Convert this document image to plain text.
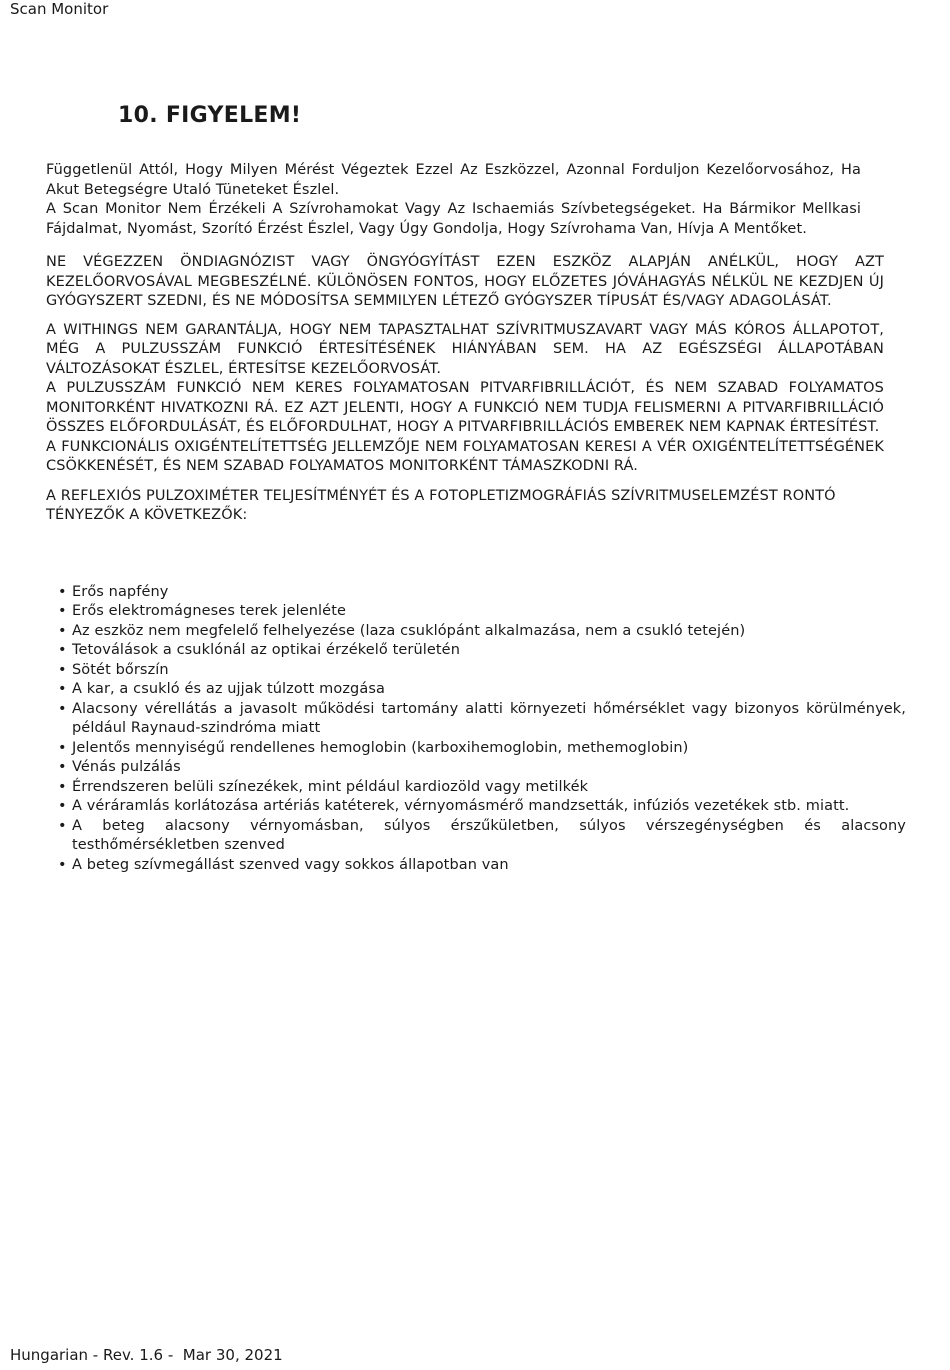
Scan Monitor
10. FIGYELEM!

Függetlenül Attól, Hogy Milyen Mérést Végeztek Ezzel Az Eszközzel, Azonnal Forduljon Kezelőorvosához, Ha Akut Betegségre Utaló Tüneteket Észlel.

A Scan Monitor Nem Érzékeli A Szívrohamokat Vagy Az Ischaemiás Szívbetegségeket. Ha Bármikor Mellkasi Fájdalmat, Nyomást, Szorító Érzést Észlel, Vagy Úgy Gondolja, Hogy Szívrohama Van, Hívja A Mentőket.

NE VÉGEZZEN ÖNDIAGNÓZIST VAGY ÖNGYÓGYÍTÁST EZEN ESZKÖZ ALAPJÁN ANÉLKÜL, HOGY AZT KEZELŐORVOSÁVAL MEGBESZÉLNÉ. KÜLÖNÖSEN FONTOS, HOGY ELŐZETES JÓVÁHAGYÁS NÉLKÜL NE KEZDJEN ÚJ GYÓGYSZERT SZEDNI, ÉS NE MÓDOSÍTSA SEMMILYEN LÉTEZŐ GYÓGYSZER TÍPUSÁT ÉS/VAGY ADAGOLÁSÁT.

A WITHINGS NEM GARANTÁLJA, HOGY NEM TAPASZTALHAT SZÍVRITMUSZAVART VAGY MÁS KÓROS ÁLLAPOTOT, MÉG A PULZUSSZÁM FUNKCIÓ ÉRTESÍTÉSÉNEK HIÁNYÁBAN SEM. HA AZ EGÉSZSÉGI ÁLLAPOTÁBAN VÁLTOZÁSOKAT ÉSZLEL, ÉRTESÍTSE KEZELŐORVOSÁT.

A PULZUSSZÁM FUNKCIÓ NEM KERES FOLYAMATOSAN PITVARFIBRILLÁCIÓT, ÉS NEM SZABAD FOLYAMATOS MONITORKÉNT HIVATKOZNI RÁ. EZ AZT JELENTI, HOGY A FUNKCIÓ NEM TUDJA FELISMERNI A PITVARFIBRILLÁCIÓ ÖSSZES ELŐFORDULÁSÁT, ÉS ELŐFORDULHAT, HOGY A PITVARFIBRILLÁCIÓS EMBEREK NEM KAPNAK ÉRTESÍTÉST.

A FUNKCIONÁLIS OXIGÉNTELÍTETTSÉG JELLEMZŐJE NEM FOLYAMATOSAN KERESI A VÉR OXIGÉNTELÍTETTSÉGÉNEK CSÖKKENÉSÉT, ÉS NEM SZABAD FOLYAMATOS MONITORKÉNT TÁMASZKODNI RÁ.

A REFLEXIÓS PULZOXIMÉTER TELJESÍTMÉNYÉT ÉS A FOTOPLETIZMOGRÁFIÁS SZÍVRITMUSELEMZÉST RONTÓ TÉNYEZŐK A KÖVETKEZŐK:
• Erős napfény
• Erős elektromágneses terek jelenléte
• Az eszköz nem megfelelő felhelyezése (laza csuklópánt alkalmazása, nem a csukló tetején)
• Tetoválások a csuklónál az optikai érzékelő területén
• Sötét bőrszín
• A kar, a csukló és az ujjak túlzott mozgása
• Alacsony vérellátás a javasolt működési tartomány alatti környezeti hőmérséklet vagy bizonyos körülmények, például Raynaud-szindróma miatt
• Jelentős mennyiségű rendellenes hemoglobin (karboxihemoglobin, methemoglobin)
• Vénás pulzálás
• Érrendszeren belüli színezékek, mint például kardiozöld vagy metilkék
• A véráramlás korlátozása artériás katéterek, vérnyomásmérő mandzsetták, infúziós vezetékek stb. miatt.
• A beteg alacsony vérnyomásban, súlyos érszűkületben, súlyos vérszegénységben és alacsony testhőmérsékletben szenved
• A beteg szívmegállást szenved vagy sokkos állapotban van
Hungarian - Rev. 1.6 -  Mar 30, 2021
